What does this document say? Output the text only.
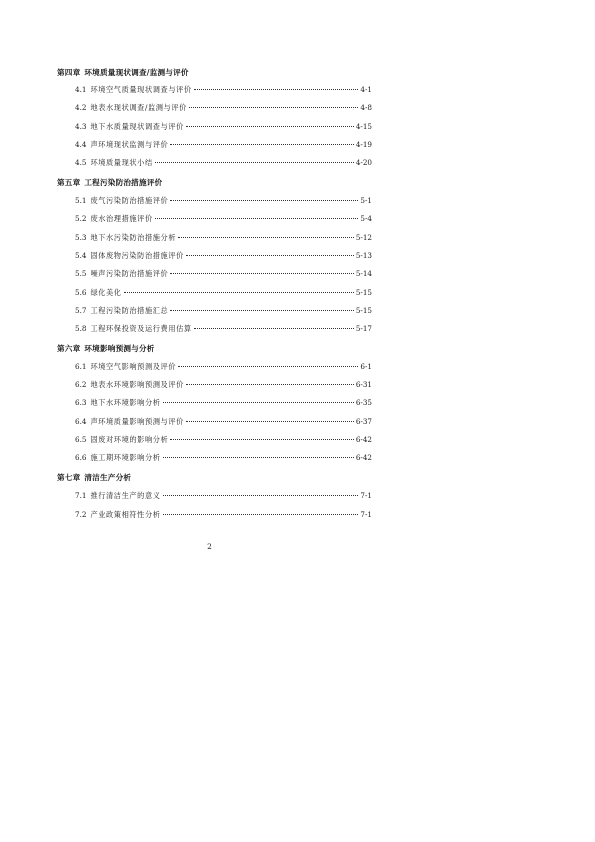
第四章 环境质量现状调查/监测与评价
4.1 环境空气质量现状调查与评价	4-1
4.2 地表水现状调查/监测与评价	4-8
4.3 地下水质量现状调查与评价	4-15
4.4 声环境现状监测与评价	4-19
4.5 环境质量现状小结	4-20
第五章 工程污染防治措施评价
5.1 废气污染防治措施评价	5-1
5.2 废水治理措施评价	5-4
5.3 地下水污染防治措施分析	5-12
5.4 固体废物污染防治措施评价	5-13
5.5 噪声污染防治措施评价	5-14
5.6 绿化美化	5-15
5.7 工程污染防治措施汇总	5-15
5.8 工程环保投资及运行费用估算	5-17
第六章 环境影响预测与分析
6.1 环境空气影响预测及评价	6-1
6.2 地表水环境影响预测及评价	6-31
6.3 地下水环境影响分析	6-35
6.4 声环境质量影响预测与评价	6-37
6.5 固废对环境的影响分析	6-42
6.6 施工期环境影响分析	6-42
第七章 清洁生产分析
7.1 推行清洁生产的意义	7-1
7.2 产业政策相符性分析	7-1
2
